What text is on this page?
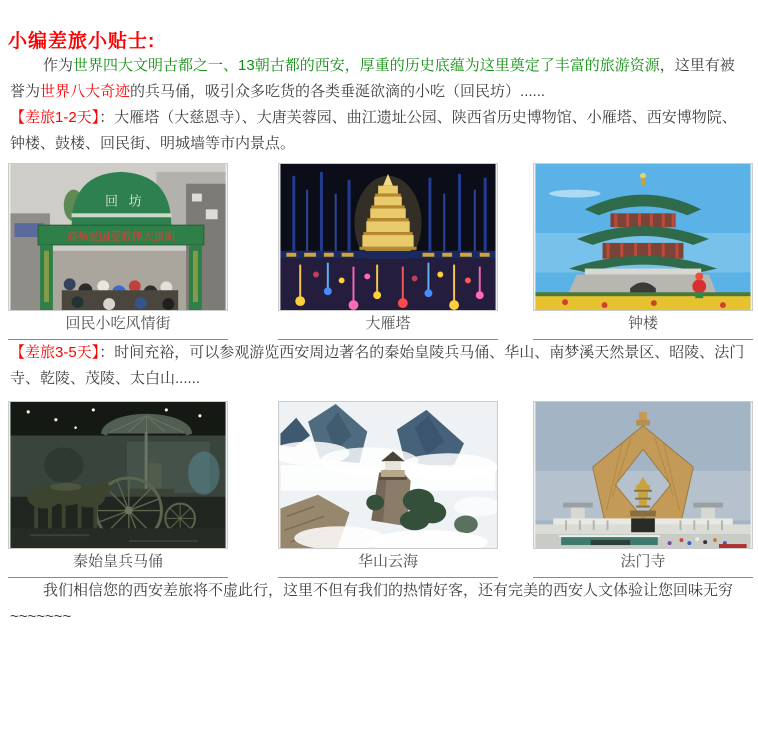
小编差旅小贴士:

作为世界四大文明古都之一、13朝古都的西安，厚重的历史底蕴为这里奠定了丰富的旅游资源，这里有被誉为世界八大奇迹的兵马俑，吸引众多吃货的各类垂涎欲滴的小吃（回民坊）......

【差旅1-2天】：大雁塔（大慈恩寺）、大唐芙蓉园、曲江遗址公园、陕西省历史博物馆、小雁塔、西安博物院、钟楼、鼓楼、回民街、明城墙等市内景点。

回 坊
高举爱国爱教伟大旗帜
回民小吃风情街	大雁塔	钟楼

【差旅3-5天】：时间充裕，可以参观游览西安周边著名的秦始皇陵兵马俑、华山、南梦溪天然景区、昭陵、法门寺、乾陵、茂陵、太白山......

秦始皇兵马俑	华山云海	法门寺

我们相信您的西安差旅将不虚此行，这里不但有我们的热情好客，还有完美的西安人文体验让您回味无穷~~~~~~~
